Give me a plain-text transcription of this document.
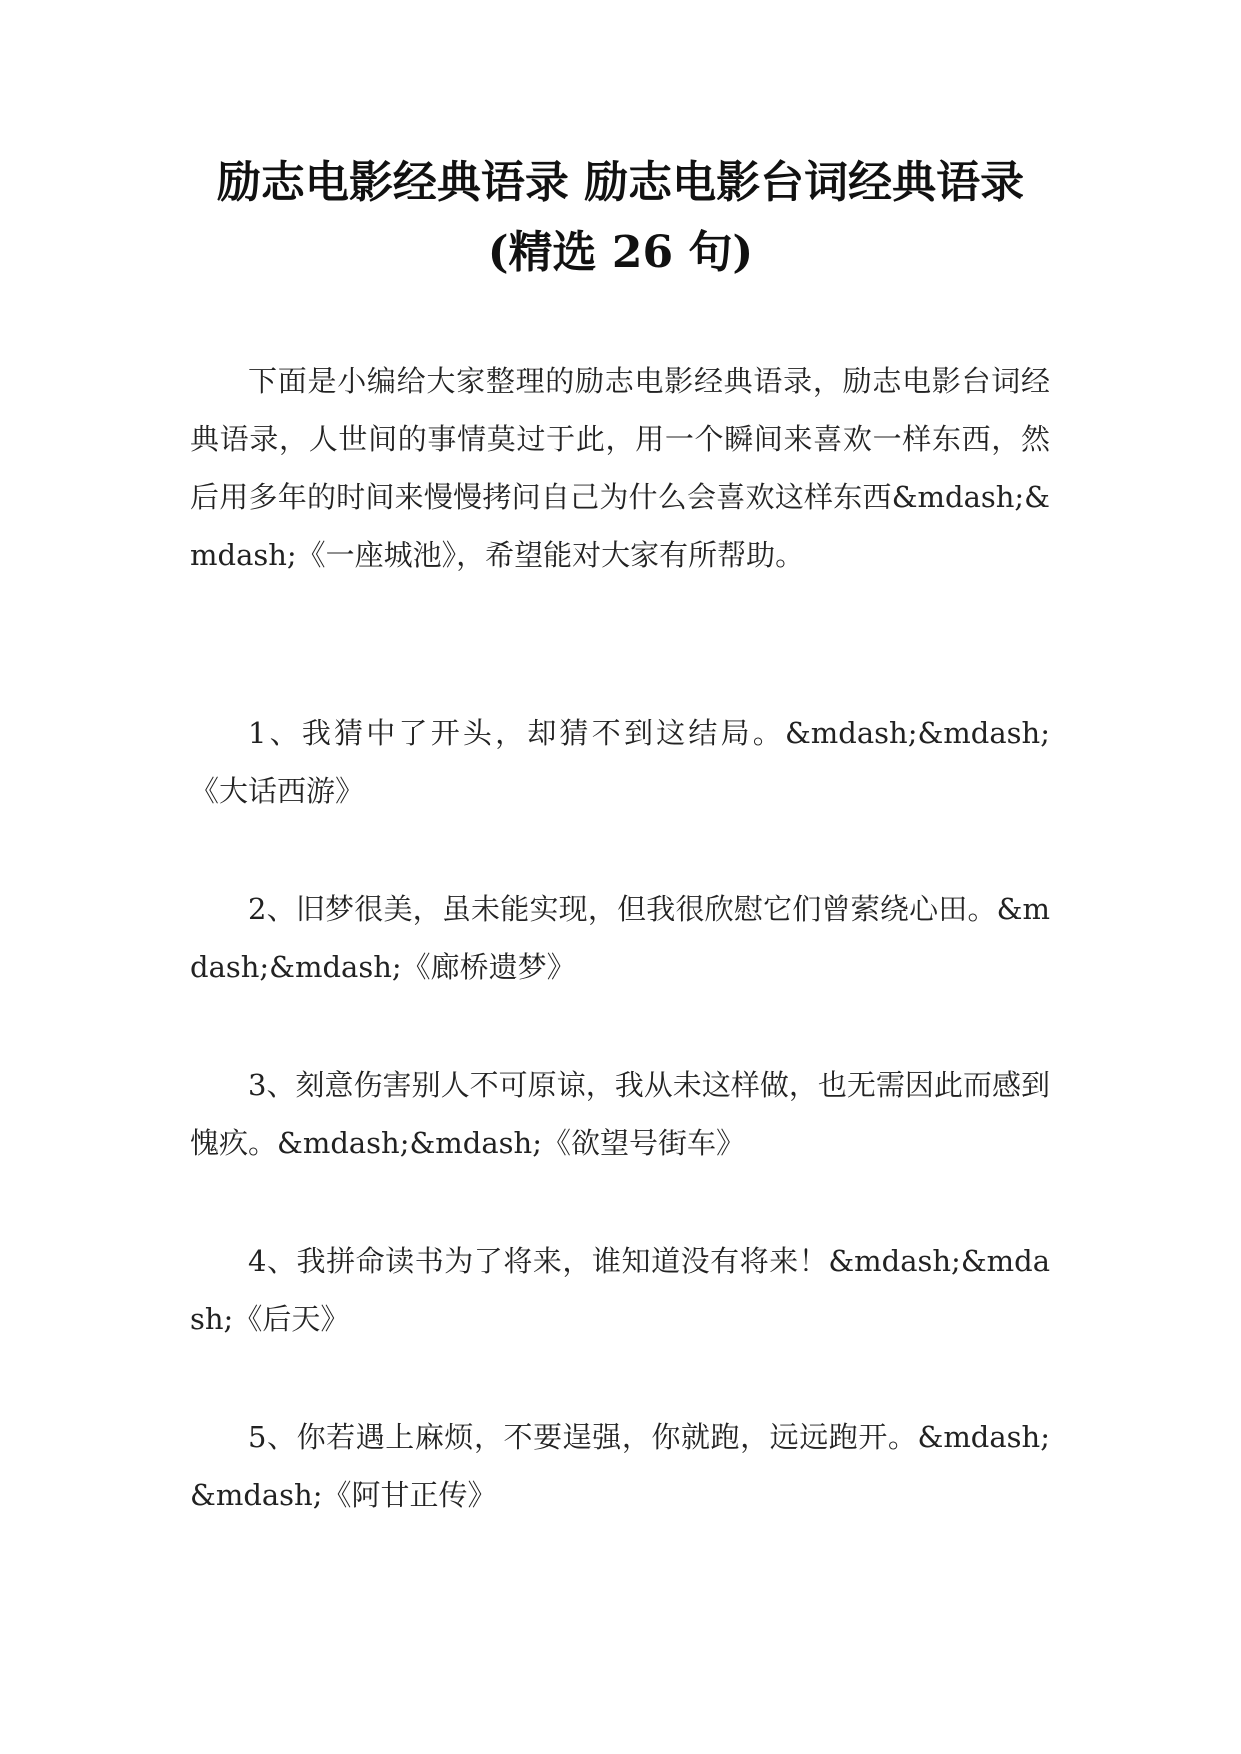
励志电影经典语录 励志电影台词经典语录
(精选 26 句)

下面是小编给大家整理的励志电影经典语录，励志电影台词经典语录，人世间的事情莫过于此，用一个瞬间来喜欢一样东西，然后用多年的时间来慢慢拷问自己为什么会喜欢这样东西&mdash;&mdash;《一座城池》，希望能对大家有所帮助。

1、我猜中了开头，却猜不到这结局。&mdash;&mdash;《大话西游》

2、旧梦很美，虽未能实现，但我很欣慰它们曾萦绕心田。&mdash;&mdash;《廊桥遗梦》

3、刻意伤害别人不可原谅，我从未这样做，也无需因此而感到愧疚。&mdash;&mdash;《欲望号街车》

4、我拼命读书为了将来，谁知道没有将来！&mdash;&mdash;《后天》

5、你若遇上麻烦，不要逞强，你就跑，远远跑开。&mdash;&mdash;《阿甘正传》
